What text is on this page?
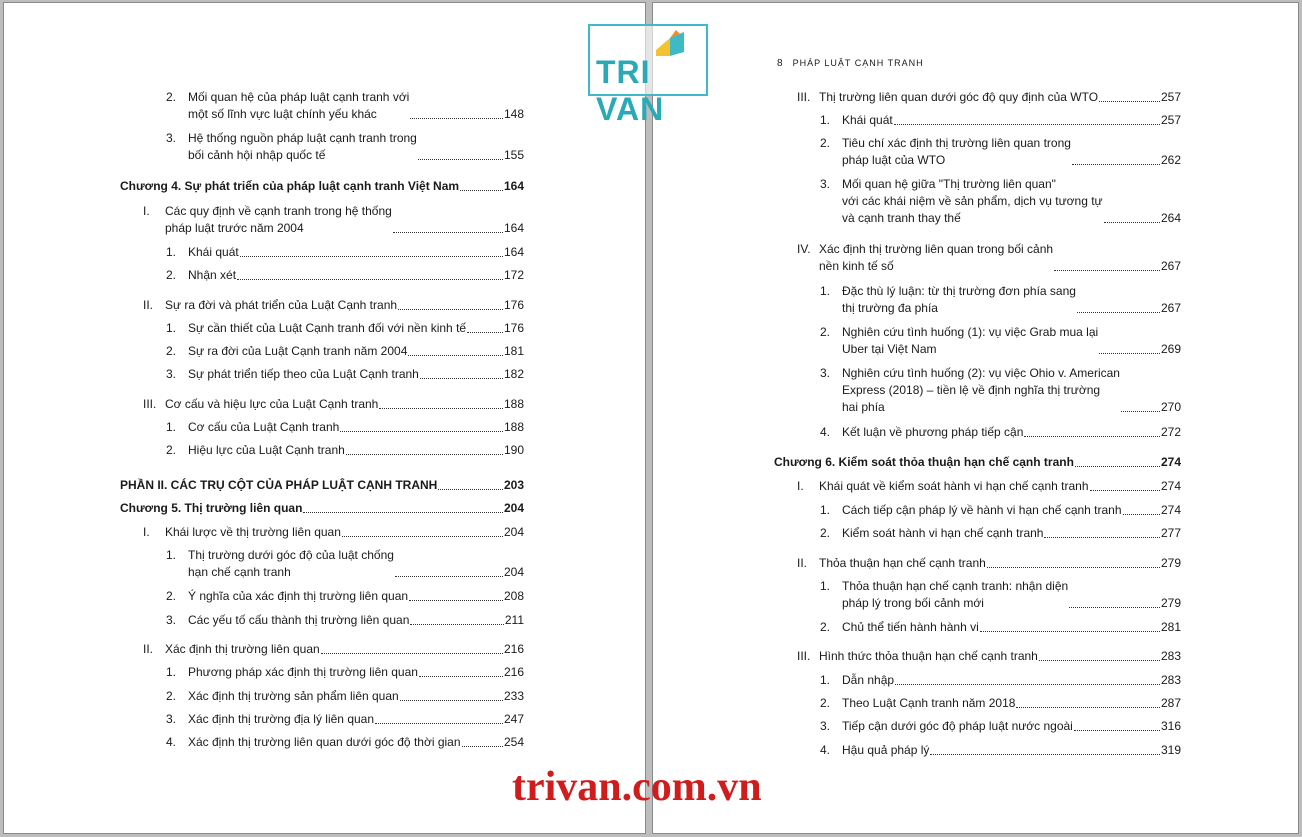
2. Mối quan hệ của pháp luật cạnh tranh với
một số lĩnh vực luật chính yếu khác	148
3. Hệ thống nguồn pháp luật cạnh tranh trong
bối cảnh hội nhập quốc tế	155
Chương 4. Sự phát triển của pháp luật cạnh tranh Việt Nam	164
I. Các quy định về cạnh tranh trong hệ thống
pháp luật trước năm 2004	164
1. Khái quát	164
2. Nhận xét	172
II. Sự ra đời và phát triển của Luật Cạnh tranh	176
1. Sự cần thiết của Luật Cạnh tranh đối với nền kinh tế	176
2. Sự ra đời của Luật Cạnh tranh năm 2004	181
3. Sự phát triển tiếp theo của Luật Cạnh tranh	182
III. Cơ cấu và hiệu lực của Luật Cạnh tranh	188
1. Cơ cấu của Luật Cạnh tranh	188
2. Hiệu lực của Luật Cạnh tranh	190
PHẦN II. CÁC TRỤ CỘT CỦA PHÁP LUẬT CẠNH TRANH	203
Chương 5. Thị trường liên quan	204
I. Khái lược về thị trường liên quan	204
1. Thị trường dưới góc độ của luật chống
hạn chế cạnh tranh	204
2. Ý nghĩa của xác định thị trường liên quan	208
3. Các yếu tố cấu thành thị trường liên quan	211
II. Xác định thị trường liên quan	216
1. Phương pháp xác định thị trường liên quan	216
2. Xác định thị trường sản phẩm liên quan	233
3. Xác định thị trường địa lý liên quan	247
4. Xác định thị trường liên quan dưới góc độ thời gian	254
8 PHÁP LUẬT CẠNH TRANH
III. Thị trường liên quan dưới góc độ quy định của WTO	257
1. Khái quát	257
2. Tiêu chí xác định thị trường liên quan trong
pháp luật của WTO	262
3. Mối quan hệ giữa "Thị trường liên quan"
với các khái niệm về sản phẩm, dịch vụ tương tự
và cạnh tranh thay thế	264
IV. Xác định thị trường liên quan trong bối cảnh
nền kinh tế số	267
1. Đặc thù lý luận: từ thị trường đơn phía sang
thị trường đa phía	267
2. Nghiên cứu tình huống (1): vụ việc Grab mua lại
Uber tại Việt Nam	269
3. Nghiên cứu tình huống (2): vụ việc Ohio v. American
Express (2018) – tiền lệ về định nghĩa thị trường
hai phía	270
4. Kết luận về phương pháp tiếp cận	272
Chương 6. Kiểm soát thỏa thuận hạn chế cạnh tranh	274
I. Khái quát về kiểm soát hành vi hạn chế cạnh tranh	274
1. Cách tiếp cận pháp lý về hành vi hạn chế cạnh tranh	274
2. Kiểm soát hành vi hạn chế cạnh tranh	277
II. Thỏa thuận hạn chế cạnh tranh	279
1. Thỏa thuận hạn chế cạnh tranh: nhận diện
pháp lý trong bối cảnh mới	279
2. Chủ thể tiến hành hành vi	281
III. Hình thức thỏa thuận hạn chế cạnh tranh	283
1. Dẫn nhập	283
2. Theo Luật Cạnh tranh năm 2018	287
3. Tiếp cận dưới góc độ pháp luật nước ngoài	316
4. Hậu quả pháp lý	319
TRI VAN
trivan.com.vn
